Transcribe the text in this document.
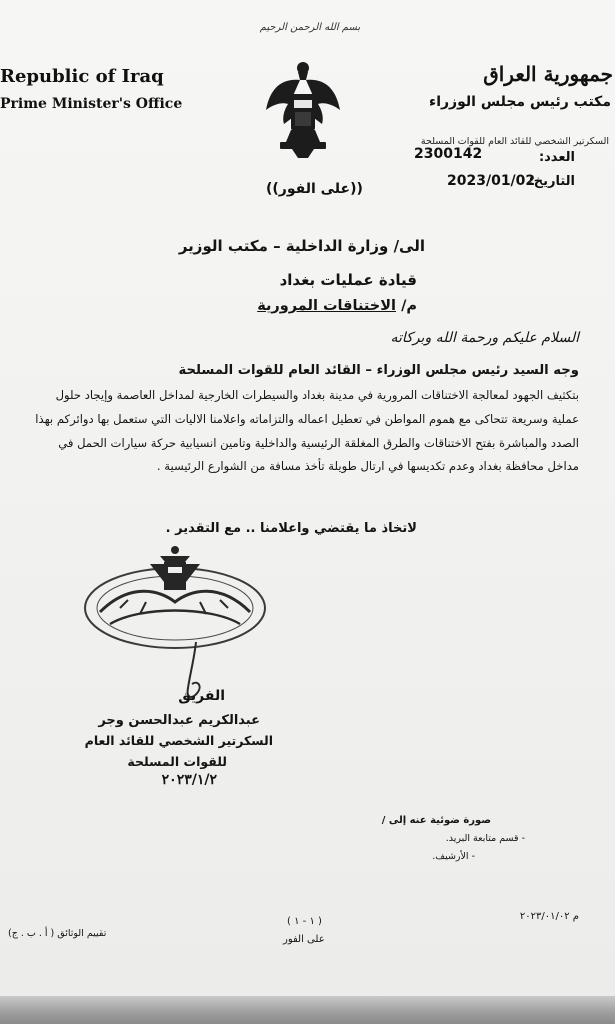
بسم الله الرحمن الرحيم
Republic of Iraq
Prime Minister's Office
جمهورية العراق
مكتب رئيس مجلس الوزراء
السكرتير الشخصي للقائد العام للقوات المسلحة
العدد:
2300142
التاريخ:
2023/01/02
((على الفور))
الى/ وزارة الداخلية – مكتب الوزير
قيادة عمليات بغداد
م/ الاختناقات المرورية
السلام عليكم ورحمة الله وبركاته
وجه السيد رئيس مجلس الوزراء – القائد العام للقوات المسلحة
بتكثيف الجهود لمعالجة الاختناقات المرورية في مدينة بغداد والسيطرات الخارجية لمداخل العاصمة وإيجاد حلول عملية وسريعة تتحاكى مع هموم المواطن في تعطيل اعماله والتزاماته واعلامنا الاليات التي ستعمل بها دوائركم بهذا الصدد والمباشرة بفتح الاختناقات والطرق المغلقة الرئيسية والداخلية وتامين انسيابية حركة سيارات الحمل في مداخل محافظة بغداد وعدم تكديسها في ارتال طويلة تأخذ مسافة من الشوارع الرئيسية .
لاتخاذ ما يقتضي واعلامنا .. مع التقدير .
الفريق
عبدالكريم عبدالحسن وجر
السكرتير الشخصي للقائد العام
للقوات المسلحة
٢٠٢٣/١/٢
صورة ضوئية عنه إلى /
- قسم متابعة البريد.
- الأرشيف.
م ٢٠٢٣/٠١/٠٢
( ١ - ١ )
على الفور
تقييم الوثائق ( أ . ب . ج)
